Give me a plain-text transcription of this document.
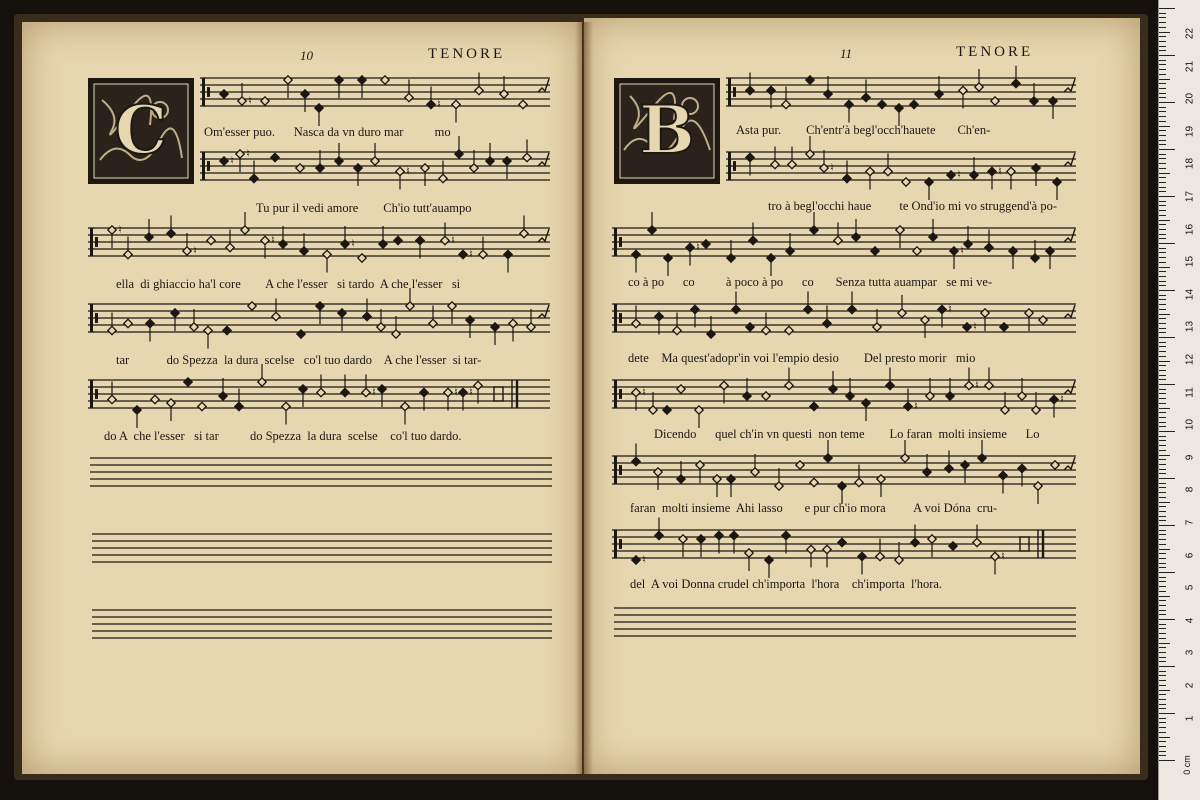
10	TENORE	11	TENORE
C	B
♮	♮
♮
♮
♮
♮
♮
♮	♮	♮
♮
♮	♮ ♮
♮
♮	♮
♮	♮
♮
♮
♮
♮
♮
♮
♮	♮
Om'esser puo.      Nasca da vn duro mar          mo
Tu pur il vedi amore        Ch'io tutt'auampo
ella  di ghiaccio ha'l core        A che l'esser   si tardo  A che l'esser   si
tar            do Spezza  la dura  scelse   co'l tuo dardo    A che l'esser  si tar-
do A  che l'esser   si tar          do Spezza  la dura  scelse    co'l tuo dardo.
Asta pur.        Ch'entr'à begl'occh'hauete       Ch'en-
tro à begl'occhi haue         te Ond'io mi vo struggend'à po-
co à po      co          à poco à po      co       Senza tutta auampar   se mi ve-
dete    Ma quest'adopr'in voi l'empio desio        Del presto morir   mio
Dicendo      quel ch'in vn questi  non teme        Lo faran  molti insieme      Lo
faran  molti insieme  Ahi lasso       e pur ch'io mora         A voi Dóna  cru-
del  A voi Donna crudel ch'importa  l'hora    ch'importa  l'hora.
0 cm
22
21
20
19
18
17
16
15
14
13
12
11
10
9
8
7
6
5
4
3
2
1
